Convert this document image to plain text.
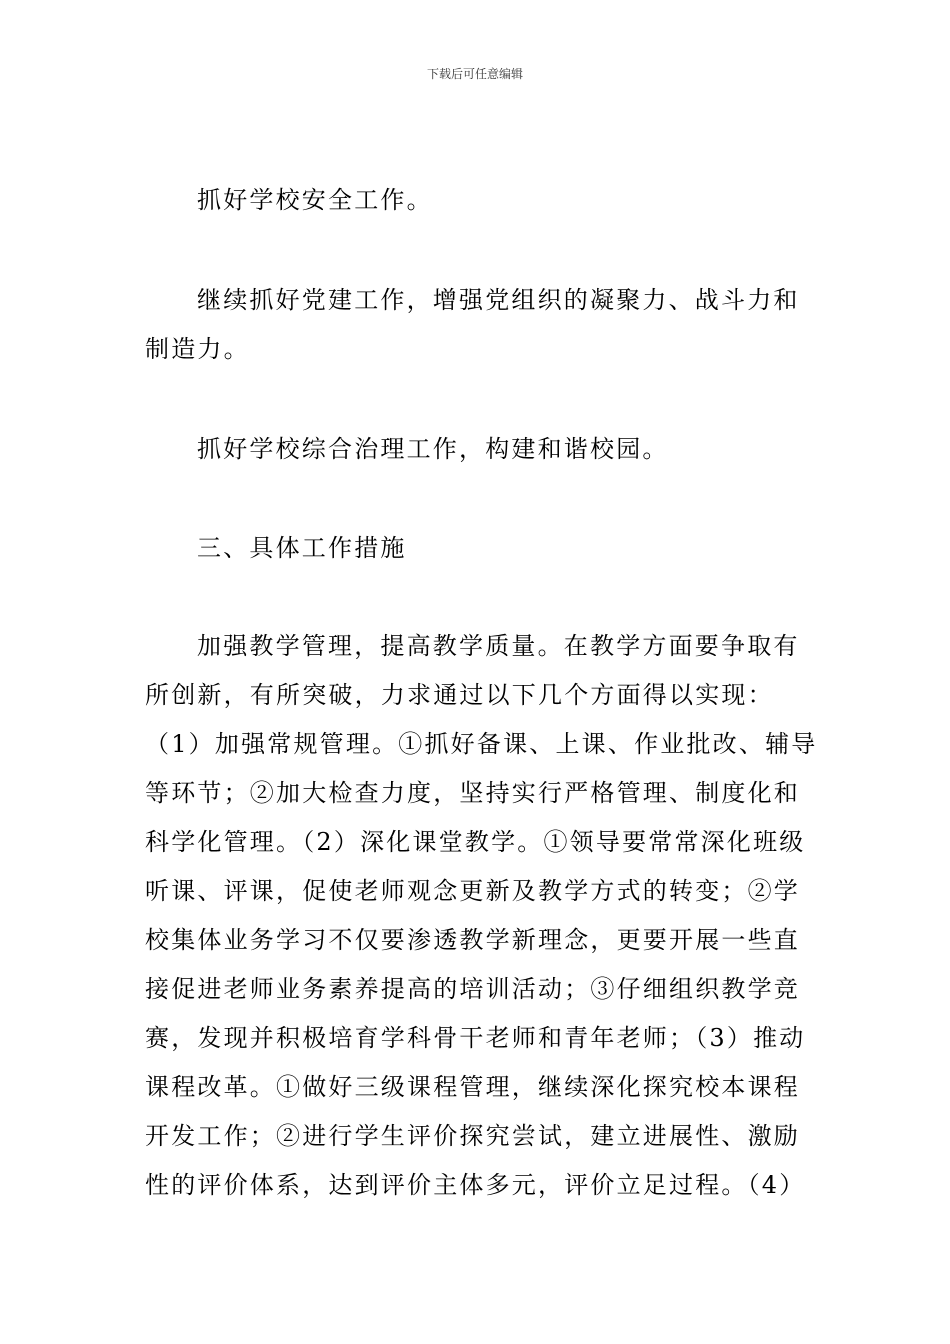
下载后可任意编辑
抓好学校安全工作。
继续抓好党建工作，增强党组织的凝聚力、战斗力和
制造力。
抓好学校综合治理工作，构建和谐校园。
三、具体工作措施
加强教学管理，提高教学质量。在教学方面要争取有
所创新，有所突破，力求通过以下几个方面得以实现：
（1）加强常规管理。①抓好备课、上课、作业批改、辅导
等环节；②加大检查力度，坚持实行严格管理、制度化和
科学化管理。（2）深化课堂教学。①领导要常常深化班级
听课、评课，促使老师观念更新及教学方式的转变；②学
校集体业务学习不仅要渗透教学新理念，更要开展一些直
接促进老师业务素养提高的培训活动；③仔细组织教学竞
赛，发现并积极培育学科骨干老师和青年老师；（3）推动
课程改革。①做好三级课程管理，继续深化探究校本课程
开发工作；②进行学生评价探究尝试，建立进展性、激励
性的评价体系，达到评价主体多元，评价立足过程。（4）
